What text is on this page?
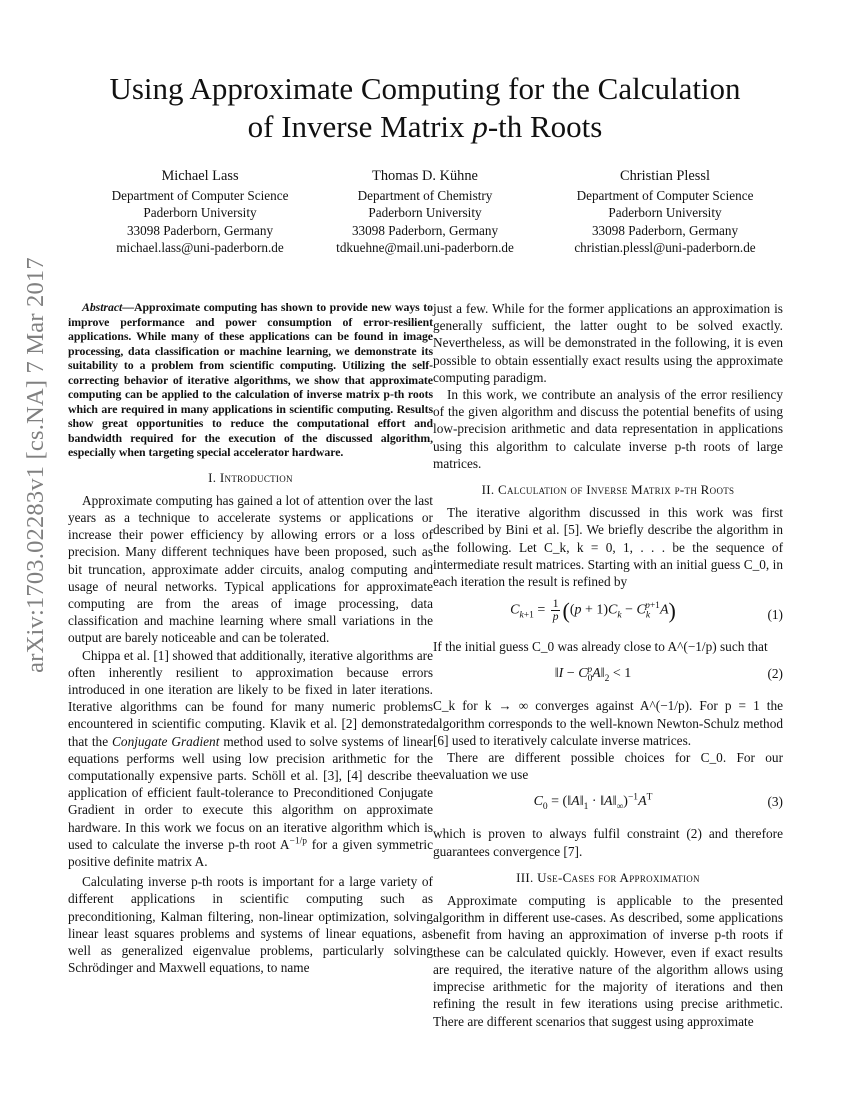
arXiv:1703.02283v1 [cs.NA] 7 Mar 2017
Using Approximate Computing for the Calculation
of Inverse Matrix p-th Roots
Michael Lass
Department of Computer Science
Paderborn University
33098 Paderborn, Germany
michael.lass@uni-paderborn.de
Thomas D. Kühne
Department of Chemistry
Paderborn University
33098 Paderborn, Germany
tdkuehne@mail.uni-paderborn.de
Christian Plessl
Department of Computer Science
Paderborn University
33098 Paderborn, Germany
christian.plessl@uni-paderborn.de

Abstract—Approximate computing has shown to provide new ways to improve performance and power consumption of error-resilient applications. While many of these applications can be found in image processing, data classification or machine learning, we demonstrate its suitability to a problem from scientific computing. Utilizing the self-correcting behavior of iterative algorithms, we show that approximate computing can be applied to the calculation of inverse matrix p-th roots which are required in many applications in scientific computing. Results show great opportunities to reduce the computational effort and bandwidth required for the execution of the discussed algorithm, especially when targeting special accelerator hardware.

I. Introduction

Approximate computing has gained a lot of attention over the last years as a technique to accelerate systems or applications or increase their power efficiency by allowing errors or a loss of precision. Many different techniques have been proposed, such as bit truncation, approximate adder circuits, analog computing and usage of neural networks. Typical applications for approximate computing are from the areas of image processing, data classification and machine learning where small variations in the output are barely noticeable and can be tolerated.

Chippa et al. [1] showed that additionally, iterative algorithms are often inherently resilient to approximation because errors introduced in one iteration are likely to be fixed in later iterations. Iterative algorithms can be found for many numeric problems encountered in scientific computing. Klavik et al. [2] demonstrated that the Conjugate Gradient method used to solve systems of linear equations performs well using low precision arithmetic for the computationally expensive parts. Schöll et al. [3], [4] describe the application of efficient fault-tolerance to Preconditioned Conjugate Gradient in order to execute this algorithm on approximate hardware. In this work we focus on an iterative algorithm which is used to calculate the inverse p-th root $A^{-1/p}$ for a given symmetric positive definite matrix A.

Calculating inverse p-th roots is important for a large variety of different applications in scientific computing such as preconditioning, Kalman filtering, non-linear optimization, solving linear least squares problems and systems of linear equations, as well as generalized eigenvalue problems, particularly solving Schrödinger and Maxwell equations, to name

just a few. While for the former applications an approximation is generally sufficient, the latter ought to be solved exactly. Nevertheless, as will be demonstrated in the following, it is even possible to obtain essentially exact results using the approximate computing paradigm.

In this work, we contribute an analysis of the error resiliency of the given algorithm and discuss the potential benefits of using low-precision arithmetic and data representation in applications using this algorithm to calculate inverse p-th roots of large matrices.

II. Calculation of Inverse Matrix p-th Roots

The iterative algorithm discussed in this work was first described by Bini et al. [5]. We briefly describe the algorithm in the following. Let C_k, k = 0, 1, . . . be the sequence of intermediate result matrices. Starting with an initial guess C_0, in each iteration the result is refined by

$C_{k+1} = \frac{1}{p} ((p + 1)C_k - C_k^{p+1}A)$	(1)

If the initial guess C_0 was already close to A^(−1/p) such that

‖I − $C_0^pA‖_2 < 1$	(2)

C_k for k → ∞ converges against A^(−1/p). For p = 1 the algorithm corresponds to the well-known Newton-Schulz method [6] used to iteratively calculate inverse matrices.

There are different possible choices for C_0. For our evaluation we use

$C_0$ = ($‖A‖_1$ · $‖A‖_\infty)^{-1}A^T$	(3)

which is proven to always fulfil constraint (2) and therefore guarantees convergence [7].

III. Use-Cases for Approximation

Approximate computing is applicable to the presented algorithm in different use-cases. As described, some applications benefit from having an approximation of inverse p-th roots if these can be calculated quickly. However, even if exact results are required, the iterative nature of the algorithm allows using imprecise arithmetic for the majority of iterations and then refining the result in few iterations using precise arithmetic. There are different scenarios that suggest using approximate
